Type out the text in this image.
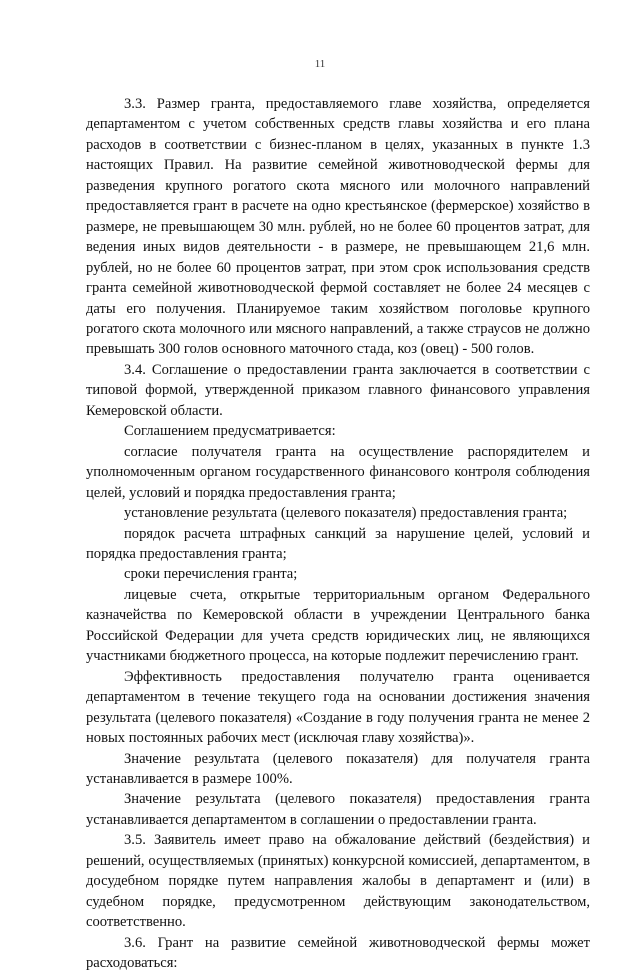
11

3.3. Размер гранта, предоставляемого главе хозяйства, определяется департаментом с учетом собственных средств главы хозяйства и его плана расходов в соответствии с бизнес-планом в целях, указанных в пункте 1.3 настоящих Правил. На развитие семейной животноводческой фермы для разведения крупного рогатого скота мясного или молочного направлений предоставляется грант в расчете на одно крестьянское (фермерское) хозяйство в размере, не превышающем 30 млн. рублей, но не более 60 процентов затрат, для ведения иных видов деятельности - в размере, не превышающем 21,6 млн. рублей, но не более 60 процентов затрат, при этом срок использования средств гранта семейной животноводческой фермой составляет не более 24 месяцев с даты его получения. Планируемое таким хозяйством поголовье крупного рогатого скота молочного или мясного направлений, а также страусов не должно превышать 300 голов основного маточного стада, коз (овец) - 500 голов.

3.4. Соглашение о предоставлении гранта заключается в соответствии с типовой формой, утвержденной приказом главного финансового управления Кемеровской области.

Соглашением предусматривается:

согласие получателя гранта на осуществление распорядителем и уполномоченным органом государственного финансового контроля соблюдения целей, условий и порядка предоставления гранта;

установление результата (целевого показателя) предоставления гранта;

порядок расчета штрафных санкций за нарушение целей, условий и порядка предоставления гранта;

сроки перечисления гранта;

лицевые счета, открытые территориальным органом Федерального казначейства по Кемеровской области в учреждении Центрального банка Российской Федерации для учета средств юридических лиц, не являющихся участниками бюджетного процесса, на которые подлежит перечислению грант.

Эффективность предоставления получателю гранта оценивается департаментом в течение текущего года на основании достижения значения результата (целевого показателя) «Создание в году получения гранта не менее 2 новых постоянных рабочих мест (исключая главу хозяйства)».

Значение результата (целевого показателя) для получателя гранта устанавливается в размере 100%.

Значение результата (целевого показателя) предоставления гранта устанавливается департаментом в соглашении о предоставлении гранта.

3.5. Заявитель имеет право на обжалование действий (бездействия) и решений, осуществляемых (принятых) конкурсной комиссией, департаментом, в досудебном порядке путем направления жалобы в департамент и (или) в судебном порядке, предусмотренном действующим законодательством, соответственно.

3.6. Грант на развитие семейной животноводческой фермы может расходоваться:
